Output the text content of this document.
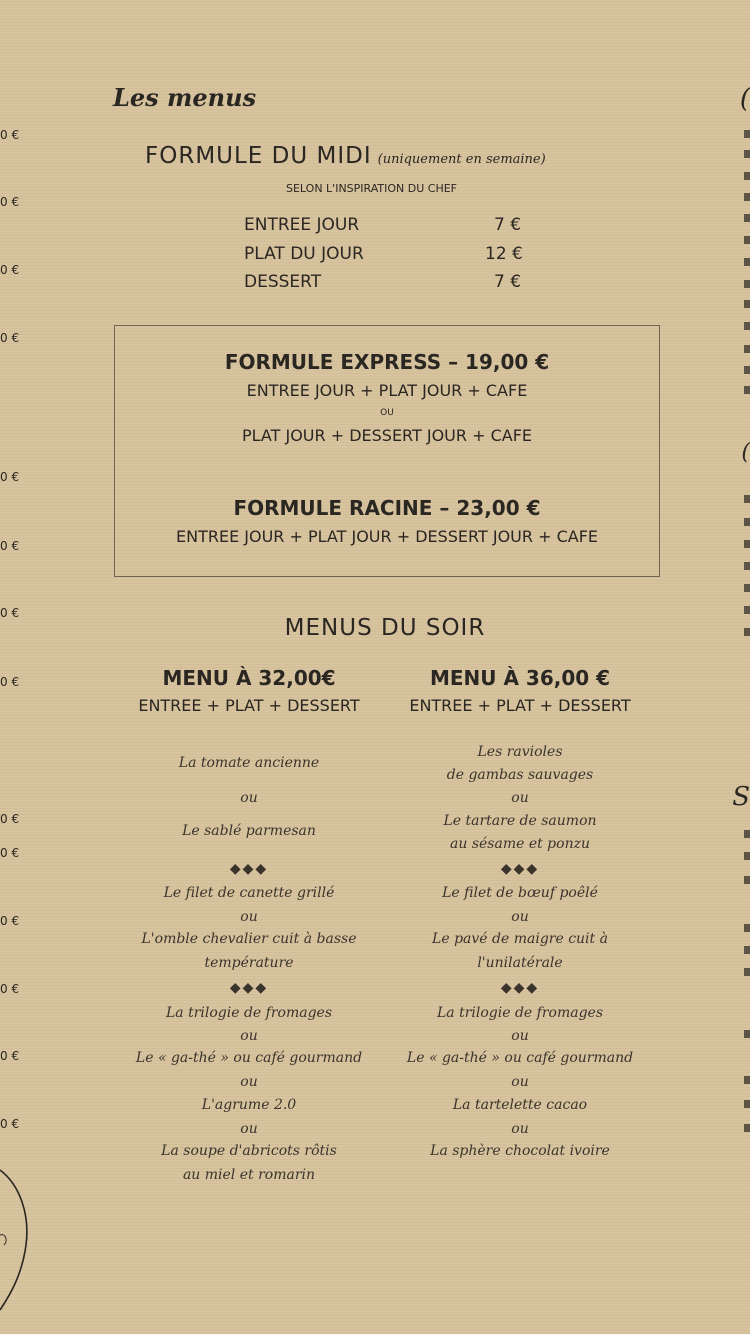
0 €
0 €
0 €
0 €
0 €
0 €
0 €
0 €
0 €
0 €
0 €
0 €
0 €
0 €
(
(
S
Les menus
FORMULE DU MIDI (uniquement en semaine)
SELON L'INSPIRATION DU CHEF
ENTREE JOUR	7 €
PLAT DU JOUR	12 €
DESSERT	7 €
FORMULE EXPRESS – 19,00 €
ENTREE JOUR + PLAT JOUR + CAFE
OU
PLAT JOUR + DESSERT JOUR + CAFE
FORMULE RACINE – 23,00 €
ENTREE JOUR + PLAT JOUR + DESSERT JOUR + CAFE
MENUS DU SOIR
MENU À 32,00€
ENTREE + PLAT + DESSERT
MENU À 36,00 €
ENTREE + PLAT + DESSERT
La tomate ancienne
ou
Le sablé parmesan
◆◆◆
Le filet de canette grillé
ou
L'omble chevalier cuit à basse
température
◆◆◆
La trilogie de fromages
ou
Le « ga-thé » ou café gourmand
ou
L'agrume 2.0
ou
La soupe d'abricots rôtis
au miel et romarin
Les ravioles
de gambas sauvages
ou
Le tartare de saumon
au sésame et ponzu
◆◆◆
Le filet de bœuf poêlé
ou
Le pavé de maigre cuit à
l'unilatérale
◆◆◆
La trilogie de fromages
ou
Le « ga-thé » ou café gourmand
ou
La tartelette cacao
ou
La sphère chocolat ivoire
